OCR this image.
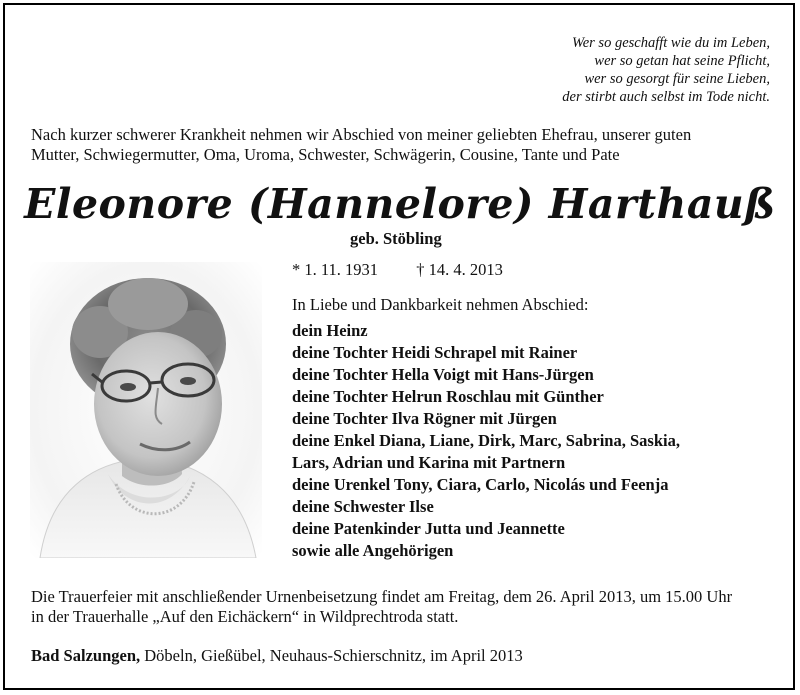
Wer so geschafft wie du im Leben,
wer so getan hat seine Pflicht,
wer so gesorgt für seine Lieben,
der stirbt auch selbst im Tode nicht.
Nach kurzer schwerer Krankheit nehmen wir Abschied von meiner geliebten Ehefrau, unserer guten
Mutter, Schwiegermutter, Oma, Uroma, Schwester, Schwägerin, Cousine, Tante und Pate
Eleonore (Hannelore) Harthauß
geb. Stöbling
* 1. 11. 1931 † 14. 4. 2013
In Liebe und Dankbarkeit nehmen Abschied:
dein Heinz
deine Tochter Heidi Schrapel mit Rainer
deine Tochter Hella Voigt mit Hans-Jürgen
deine Tochter Helrun Roschlau mit Günther
deine Tochter Ilva Rögner mit Jürgen
deine Enkel Diana, Liane, Dirk, Marc, Sabrina, Saskia,
Lars, Adrian und Karina mit Partnern
deine Urenkel Tony, Ciara, Carlo, Nicolás und Feenja
deine Schwester Ilse
deine Patenkinder Jutta und Jeannette
sowie alle Angehörigen
Die Trauerfeier mit anschließender Urnenbeisetzung findet am Freitag, dem 26. April 2013, um 15.00 Uhr
in der Trauerhalle „Auf den Eichäckern“ in Wildprechtroda statt.
Bad Salzungen, Döbeln, Gießübel, Neuhaus-Schierschnitz, im April 2013
